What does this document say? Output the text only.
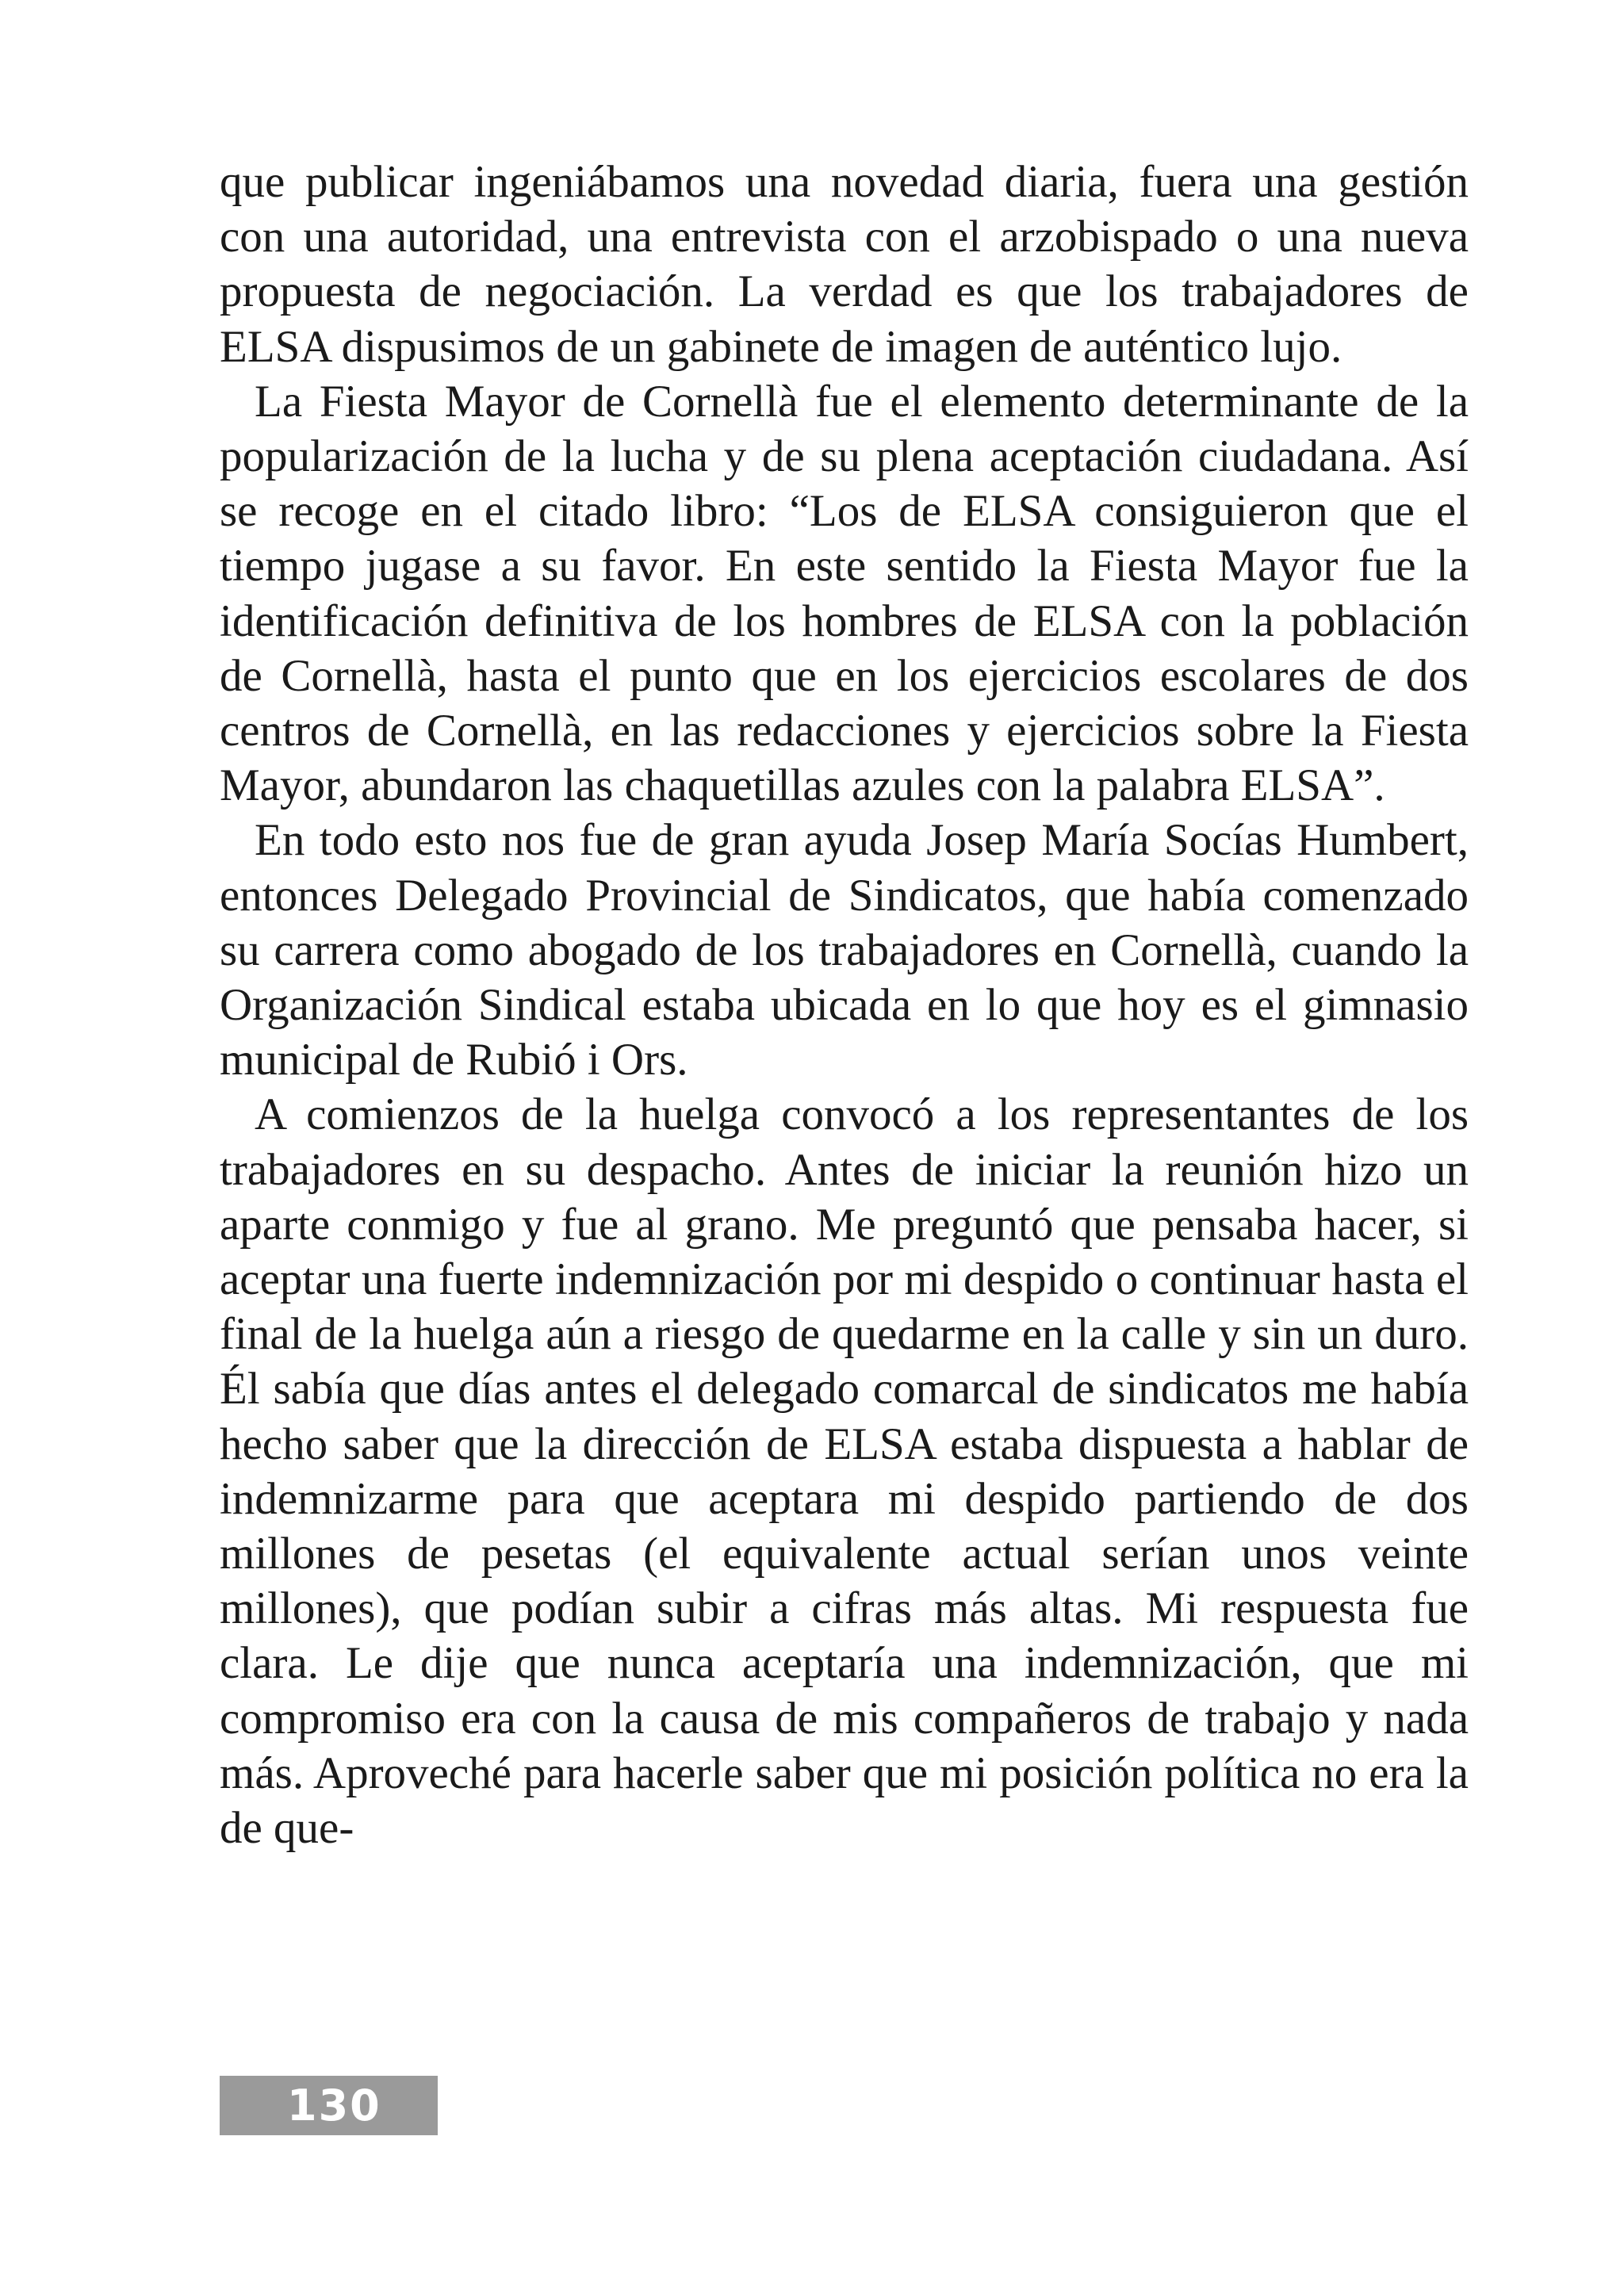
que publicar ingeniábamos una novedad diaria, fuera una gestión con una autoridad, una entrevista con el arzobispado o una nueva propuesta de negociación. La verdad es que los trabajadores de ELSA dispusimos de un gabinete de imagen de auténtico lujo.

La Fiesta Mayor de Cornellà fue el elemento determinante de la popularización de la lucha y de su plena aceptación ciudadana. Así se recoge en el citado libro: “Los de ELSA consiguieron que el tiempo jugase a su favor. En este sentido la Fiesta Mayor fue la identificación definitiva de los hombres de ELSA con la población de Cornellà, hasta el punto que en los ejercicios escolares de dos centros de Cornellà, en las redacciones y ejercicios sobre la Fiesta Mayor, abundaron las chaquetillas azules con la palabra ELSA”.

En todo esto nos fue de gran ayuda Josep María Socías Humbert, entonces Delegado Provincial de Sindicatos, que había comenzado su carrera como abogado de los trabajadores en Cornellà, cuando la Organización Sindical estaba ubicada en lo que hoy es el gimnasio municipal de Rubió i Ors.

A comienzos de la huelga convocó a los representantes de los trabajadores en su despacho. Antes de iniciar la reunión hizo un aparte conmigo y fue al grano. Me preguntó que pensaba hacer, si aceptar una fuerte indemnización por mi despido o continuar hasta el final de la huelga aún a riesgo de quedarme en la calle y sin un duro. Él sabía que días antes el delegado comarcal de sindicatos me había hecho saber que la dirección de ELSA estaba dispuesta a hablar de indemnizarme para que aceptara mi despido partiendo de dos millones de pesetas (el equivalente actual serían unos veinte millones), que podían subir a cifras más altas. Mi respuesta fue clara. Le dije que nunca aceptaría una indemnización, que mi compromiso era con la causa de mis compañeros de trabajo y nada más. Aproveché para hacerle saber que mi posición política no era la de que-

130
